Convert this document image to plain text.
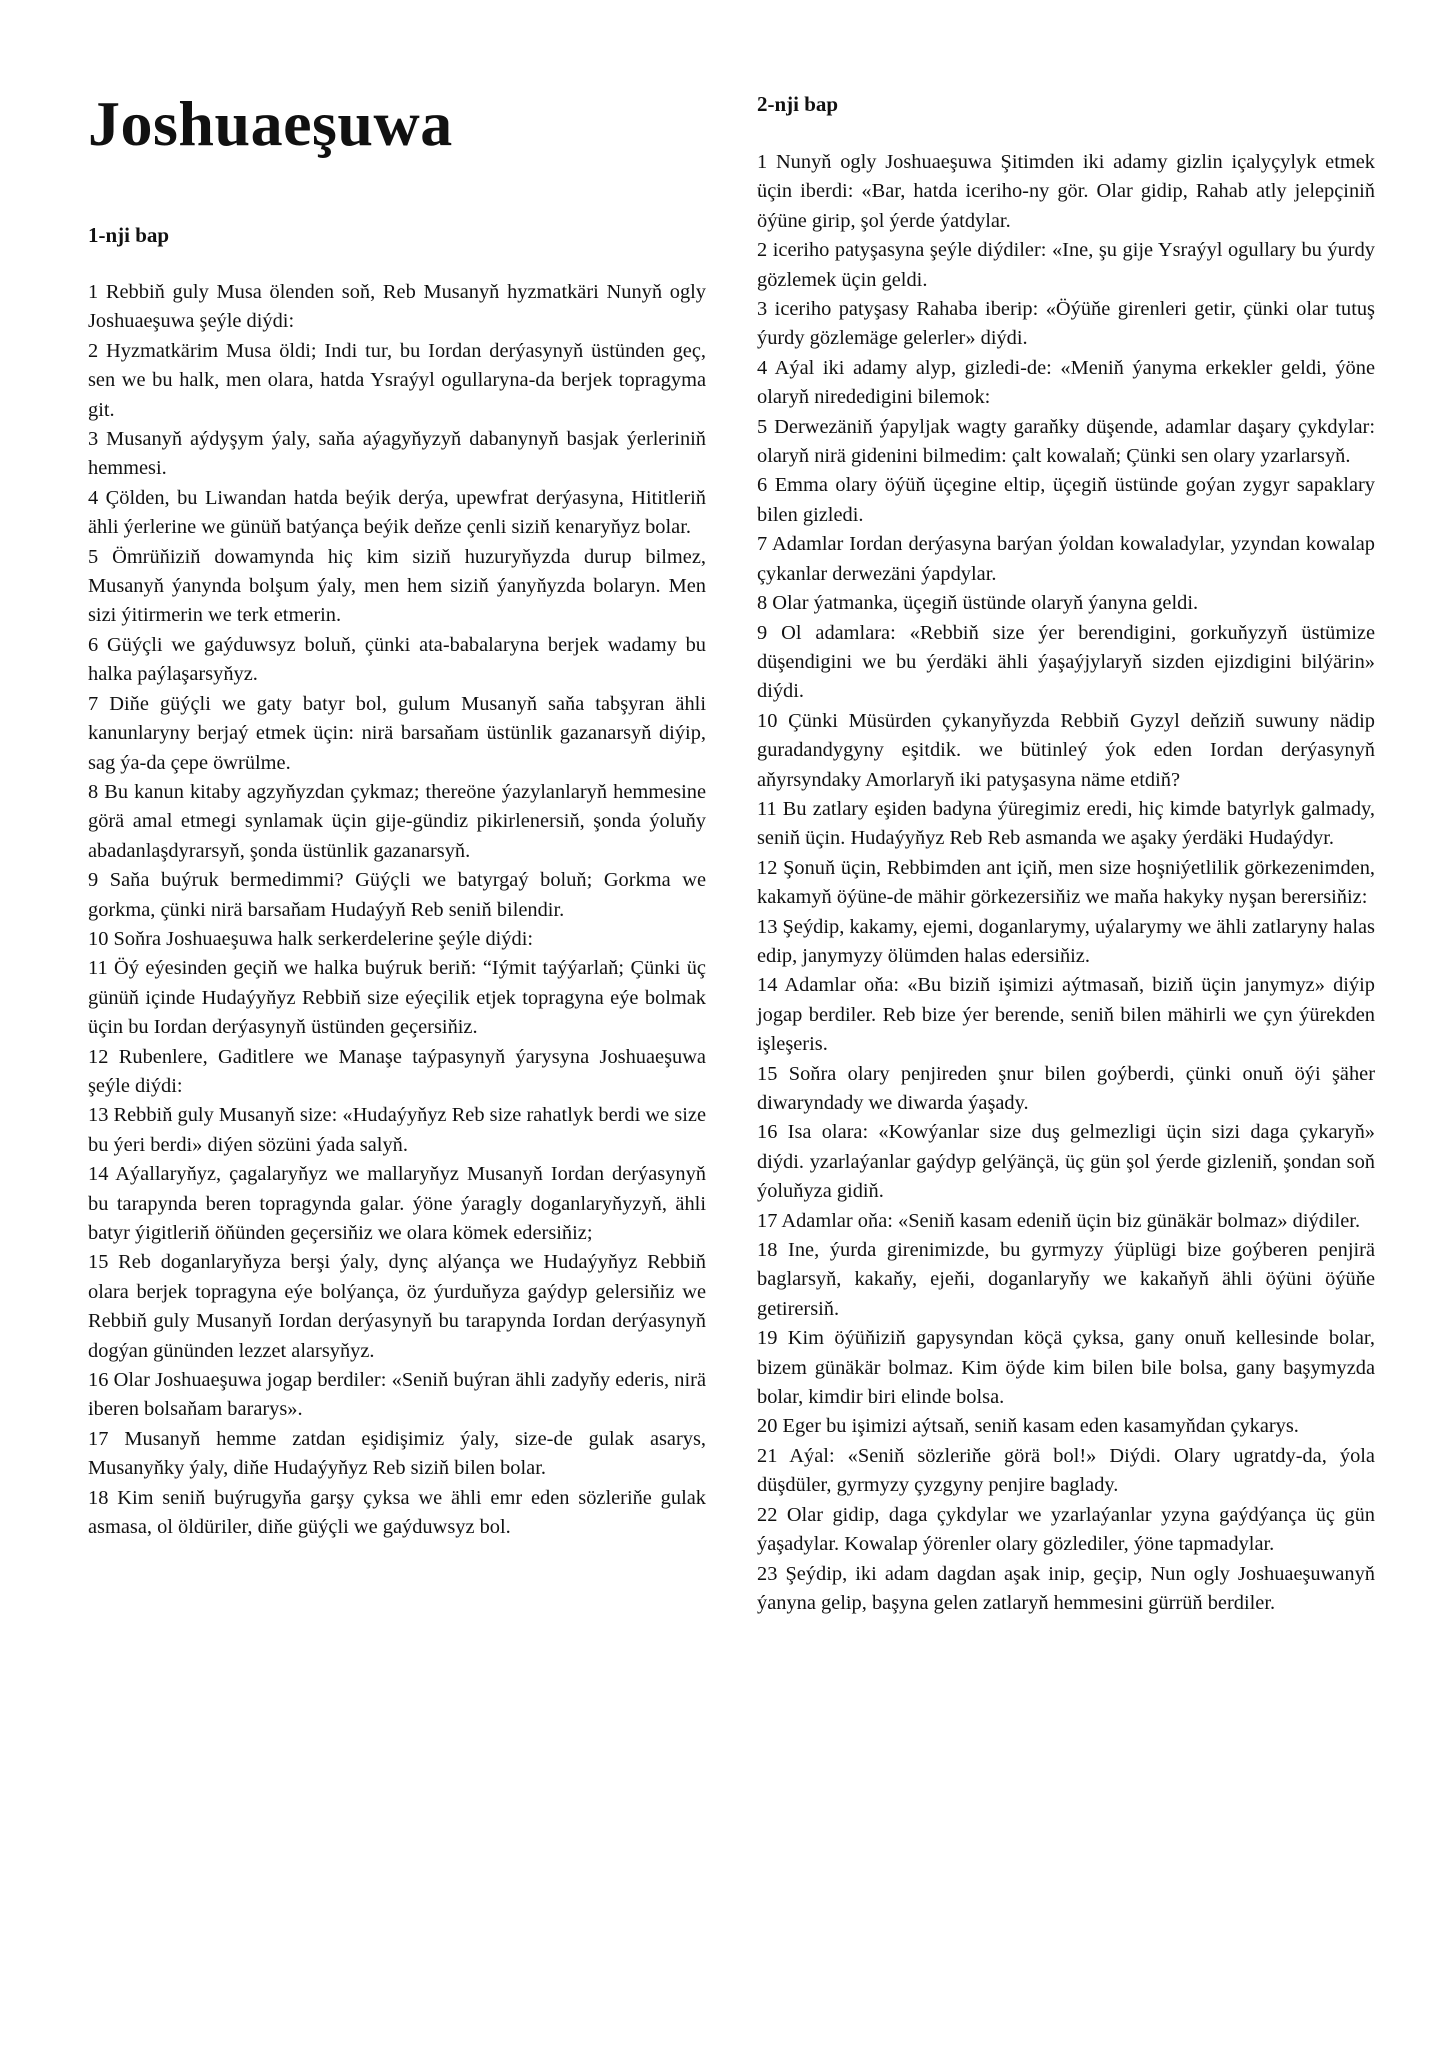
Joshuaeşuwa
1-nji bap

1 Rebbiň guly Musa ölenden soň, Reb Musanyň hyzmatkäri Nunyň ogly Joshuaeşuwa şeýle diýdi:

2 Hyzmatkärim Musa öldi; Indi tur, bu Iordan derýasynyň üstünden geç, sen we bu halk, men olara, hatda Ysraýyl ogullaryna-da berjek topragyma git.

3 Musanyň aýdyşym ýaly, saňa aýagyňyzyň dabanynyň basjak ýerleriniň hemmesi.

4 Çölden, bu Liwandan hatda beýik derýa, upewfrat derýasyna, Hititleriň ähli ýerlerine we günüň batýança beýik deňze çenli siziň kenaryňyz bolar.

5 Ömrüňiziň dowamynda hiç kim siziň huzuryňyzda durup bilmez, Musanyň ýanynda bolşum ýaly, men hem siziň ýanyňyzda bolaryn. Men sizi ýitirmerin we terk etmerin.

6 Güýçli we gaýduwsyz boluň, çünki ata-babalaryna berjek wadamy bu halka paýlaşarsyňyz.

7 Diňe güýçli we gaty batyr bol, gulum Musanyň saňa tabşyran ähli kanunlaryny berjaý etmek üçin: nirä barsaňam üstünlik gazanarsyň diýip, sag ýa-da çepe öwrülme.

8 Bu kanun kitaby agzyňyzdan çykmaz; thereöne ýazylanlaryň hemmesine görä amal etmegi synlamak üçin gije-gündiz pikirlenersiň, şonda ýoluňy abadanlaşdyrarsyň, şonda üstünlik gazanarsyň.

9 Saňa buýruk bermedimmi? Güýçli we batyrgaý boluň; Gorkma we gorkma, çünki nirä barsaňam Hudaýyň Reb seniň bilendir.

10 Soňra Joshuaeşuwa halk serkerdelerine şeýle diýdi:

11 Öý eýesinden geçiň we halka buýruk beriň: “Iýmit taýýarlaň; Çünki üç günüň içinde Hudaýyňyz Rebbiň size eýeçilik etjek topragyna eýe bolmak üçin bu Iordan derýasynyň üstünden geçersiňiz.

12 Rubenlere, Gaditlere we Manaşe taýpasynyň ýarysyna Joshuaeşuwa şeýle diýdi:

13 Rebbiň guly Musanyň size: «Hudaýyňyz Reb size rahatlyk berdi we size bu ýeri berdi» diýen sözüni ýada salyň.

14 Aýallaryňyz, çagalaryňyz we mallaryňyz Musanyň Iordan derýasynyň bu tarapynda beren topragynda galar. ýöne ýaragly doganlaryňyzyň, ähli batyr ýigitleriň öňünden geçersiňiz we olara kömek edersiňiz;

15 Reb doganlaryňyza berşi ýaly, dynç alýança we Hudaýyňyz Rebbiň olara berjek topragyna eýe bolýança, öz ýurduňyza gaýdyp gelersiňiz we Rebbiň guly Musanyň Iordan derýasynyň bu tarapynda Iordan derýasynyň dogýan gününden lezzet alarsyňyz.

16 Olar Joshuaeşuwa jogap berdiler: «Seniň buýran ähli zadyňy ederis, nirä iberen bolsaňam bararys».

17 Musanyň hemme zatdan eşidişimiz ýaly, size-de gulak asarys, Musanyňky ýaly, diňe Hudaýyňyz Reb siziň bilen bolar.

18 Kim seniň buýrugyňa garşy çyksa we ähli emr eden sözleriňe gulak asmasa, ol öldüriler, diňe güýçli we gaýduwsyz bol.

2-nji bap

1 Nunyň ogly Joshuaeşuwa Şitimden iki adamy gizlin içalyçylyk etmek üçin iberdi: «Bar, hatda iceriho-ny gör. Olar gidip, Rahab atly jelepçiniň öýüne girip, şol ýerde ýatdylar.

2 iceriho patyşasyna şeýle diýdiler: «Ine, şu gije Ysraýyl ogullary bu ýurdy gözlemek üçin geldi.

3 iceriho patyşasy Rahaba iberip: «Öýüňe girenleri getir, çünki olar tutuş ýurdy gözlemäge gelerler» diýdi.

4 Aýal iki adamy alyp, gizledi-de: «Meniň ýanyma erkekler geldi, ýöne olaryň niredediginі bilemok:

5 Derwezäniň ýapyljak wagty garaňky düşende, adamlar daşary çykdylar: olaryň nirä gidenini bilmedim: çalt kowalaň; Çünki sen olary yzarlarsyň.

6 Emma olary öýüň üçegine eltip, üçegiň üstünde goýan zygyr sapaklary bilen gizledi.

7 Adamlar Iordan derýasyna barýan ýoldan kowaladylar, yzyndan kowalap çykanlar derwezäni ýapdylar.

8 Olar ýatmanka, üçegiň üstünde olaryň ýanyna geldi.

9 Ol adamlara: «Rebbiň size ýer berendigini, gorkuňyzyň üstümize düşendigini we bu ýerdäki ähli ýaşaýjylaryň sizden ejizdigini bilýärin» diýdi.

10 Çünki Müsürden çykanyňyzda Rebbiň Gyzyl deňziň suwuny nädip guradandygyny eşitdik. we bütinleý ýok eden Iordan derýasynyň aňyrsyndaky Amorlaryň iki patyşasyna näme etdiň?

11 Bu zatlary eşiden badyna ýüregimiz eredi, hiç kimde batyrlyk galmady, seniň üçin. Hudaýyňyz Reb Reb asmanda we aşaky ýerdäki Hudaýdyr.

12 Şonuň üçin, Rebbimden ant içiň, men size hoşniýetlilik görkezenimden, kakamyň öýüne-de mähir görkezersiňiz we maňa hakyky nyşan berersiňiz:

13 Şeýdip, kakamy, ejemi, doganlarymy, uýalarymy we ähli zatlaryny halas edip, janymyzy ölümden halas edersiňiz.

14 Adamlar oňa: «Bu biziň işimizi aýtmasaň, biziň üçin janymyz» diýip jogap berdiler. Reb bize ýer berende, seniň bilen mähirli we çyn ýürekden işleşeris.

15 Soňra olary penjireden şnur bilen goýberdi, çünki onuň öýi şäher diwaryndady we diwarda ýaşady.

16 Isa olara: «Kowýanlar size duş gelmezligi üçin sizi daga çykaryň» diýdi. yzarlaýanlar gaýdyp gelýänçä, üç gün şol ýerde gizleniň, şondan soň ýoluňyza gidiň.

17 Adamlar oňa: «Seniň kasam edeniň üçin biz günäkär bolmaz» diýdiler.

18 Ine, ýurda girenimizde, bu gyrmyzy ýüplügi bize goýberen penjirä baglarsyň, kakaňy, ejeňi, doganlaryňy we kakaňyň ähli öýüni öýüňe getirersiň.

19 Kim öýüňiziň gapysyndan köçä çyksa, gany onuň kellesinde bolar, bizem günäkär bolmaz. Kim öýde kim bilen bile bolsa, gany başymyzda bolar, kimdir biri elinde bolsa.

20 Eger bu işimizi aýtsaň, seniň kasam eden kasamyňdan çykarys.

21 Aýal: «Seniň sözleriňe görä bol!» Diýdi. Olary ugratdy-da, ýola düşdüler, gyrmyzy çyzgyny penjire baglady.

22 Olar gidip, daga çykdylar we yzarlaýanlar yzyna gaýdýança üç gün ýaşadylar. Kowalap ýörenler olary gözlediler, ýöne tapmadylar.

23 Şeýdip, iki adam dagdan aşak inip, geçip, Nun ogly Joshuaeşuwanyň ýanyna gelip, başyna gelen zatlaryň hemmesini gürrüň berdiler.
